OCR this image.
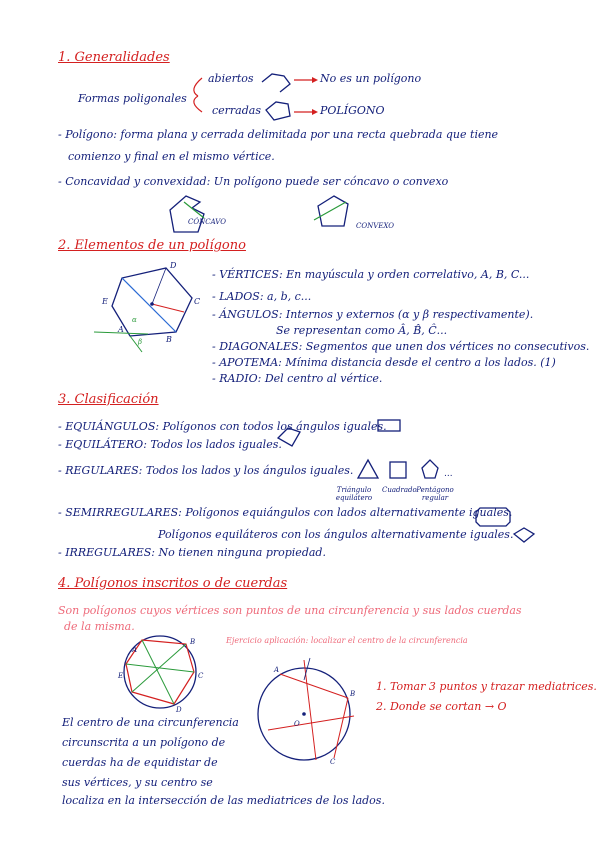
1. Generalidades
Formas poligonales
abiertos
cerradas
No es un polígono
POLÍGONO
- Polígono: forma plana y cerrada delimitada por una recta quebrada que tiene
comienzo y final en el mismo vértice.
- Concavidad y convexidad: Un polígono puede ser cóncavo o convexo
CÓNCAVO	CONVEXO
2. Elementos de un polígono
A
B
C
D
E
α
β
- VÉRTICES: En mayúscula y orden correlativo, A, B, C...
- LADOS: a, b, c...
- ÁNGULOS: Internos y externos (α y β respectivamente).
Se representan como Â, B̂, Ĉ...
- DIAGONALES: Segmentos que unen dos vértices no consecutivos.
- APOTEMA: Mínima distancia desde el centro a los lados. (1)
- RADIO: Del centro al vértice.
3. Clasificación
- EQUIÁNGULOS: Polígonos con todos los ángulos iguales.
- EQUILÁTERO: Todos los lados iguales.
- REGULARES: Todos los lados y los ángulos iguales.	...
Triángulo equilátero
Cuadrado Pentágono regular
- SEMIRREGULARES: Polígonos equiángulos con lados alternativamente iguales.
Polígonos equiláteros con los ángulos alternativamente iguales.
- IRREGULARES: No tienen ninguna propiedad.
4. Polígonos inscritos o de cuerdas
Son polígonos cuyos vértices son puntos de una circunferencia y sus lados cuerdas
de la misma.
E
A
B
C
D
Ejercicio aplicación: localizar el centro de la circunferencia
A
B
C
O
1. Tomar 3 puntos y trazar mediatrices.
2. Donde se cortan → O
El centro de una circunferencia
circunscrita a un polígono de
cuerdas ha de equidistar de
sus vértices, y su centro se
localiza en la intersección de las mediatrices de los lados.
